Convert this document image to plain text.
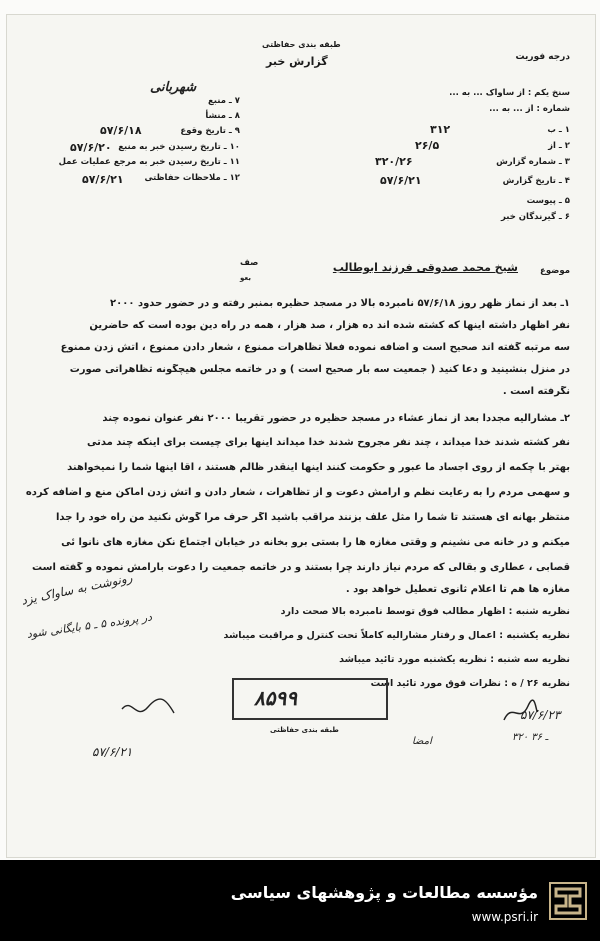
درجه فوریت
طبقه بندی حفاظتی
گزارش خبر
شهربانی
۷ ـ منبع
۸ ـ منشأ
۹ ـ تاریخ وقوع
۱۰ ـ تاریخ رسیدن خبر به منبع
۱۱ ـ تاریخ رسیدن خبر به مرجع عملیات عمل
۱۲ ـ ملاحظات حفاظتی
۵۷/۶/۱۸
۵۷/۶/۲۰
۵۷/۶/۲۱
سنخ یکم : از ساواک ... به ...
شماره : از ... به ...
۱ ـ ب
۲ ـ از
۳ ـ شماره گزارش
۴ ـ تاریخ گزارش
۵ ـ پیوست
۶ ـ گیرندگان خبر
۳۱۲
۲۶/۵
۳۲۰/۲۶
۵۷/۶/۲۱
موضوع
شیخ محمد صدوقی فرزند ابوطالب
صف
بعو
۱ـ بعد از نماز ظهر روز ۵۷/۶/۱۸ نامبرده بالا در مسجد حظیره بمنبر رفته و در حضور حدود ۲۰۰۰
نفر اظهار داشته اینها که کشته شده اند ده هزار ، صد هزار ، همه در راه دین بوده است که حاضرین
سه مرتبه گفته اند صحیح است و اضافه نموده فعلاً تظاهرات ممنوع ، شعار دادن ممنوع ، آتش زدن ممنوع
در منزل بنشینید و دعا کنید ( جمعیت سه بار صحیح است ) و در خاتمه مجلس هیچگونه تظاهراتی صورت
نگرفته است .
۲ـ مشارالیه مجدداً بعد از نماز عشاء در مسجد حظیره در حضور تقریباً ۲۰۰۰ نفر عنوان نموده چند
نفر کشته شدند خدا میداند ، چند نفر مجروح شدند خدا میداند اینها برای چیست برای اینکه چند مدتی
بهتر با چکمه از روی اجساد ما عبور و حکومت کنند اینها اینقدر ظالم هستند ، آقا اینها شما را نمیخواهند
و سهمی مردم را به رعایت نظم و آرامش دعوت و از تظاهرات ، شعار دادن و آتش زدن اماکن منع و اضافه کرده
منتظر بهانه ای هستند تا شما را مثل علف بزنند مراقب باشید اگر حرف مرا گوش نکنید من راه خود را جدا
میکنم و در خانه می نشینم و وقتی مغازه ها را بستی برو بخانه در خیابان اجتماع نکن مغازه های نانوا ئی
قصابی ، عطاری و بقالی که مردم نیاز دارند چرا بستند و در خاتمه جمعیت را دعوت بآرامش نموده و گفته است
مغازه ها هم تا اعلام ثانوی تعطیل خواهد بود .
نظریه شنبه : اظهار مطالب فوق توسط نامبرده بالا صحت دارد
نظریه یکشنبه : اعمال و رفتار مشارالیه کاملاً تحت کنترل و مراقبت میباشد
نظریه سه شنبه : نظریه یکشنبه مورد تائید میباشد
نظریه ۲۶ / ه : نظرات فوق مورد تائید است
رونوشت به ساواک یزد
در پرونده ۵ ـ ۵ بایگانی شود
۵۷/۶/۲۱
امضا
۵۷/۶/۲۳
۳۲۰ ـ ۳۶
۸۵۹۹
طبقه بندی حفاظتی
مؤسسه مطالعات و پژوهشهای سیاسی
www.psri.ir
